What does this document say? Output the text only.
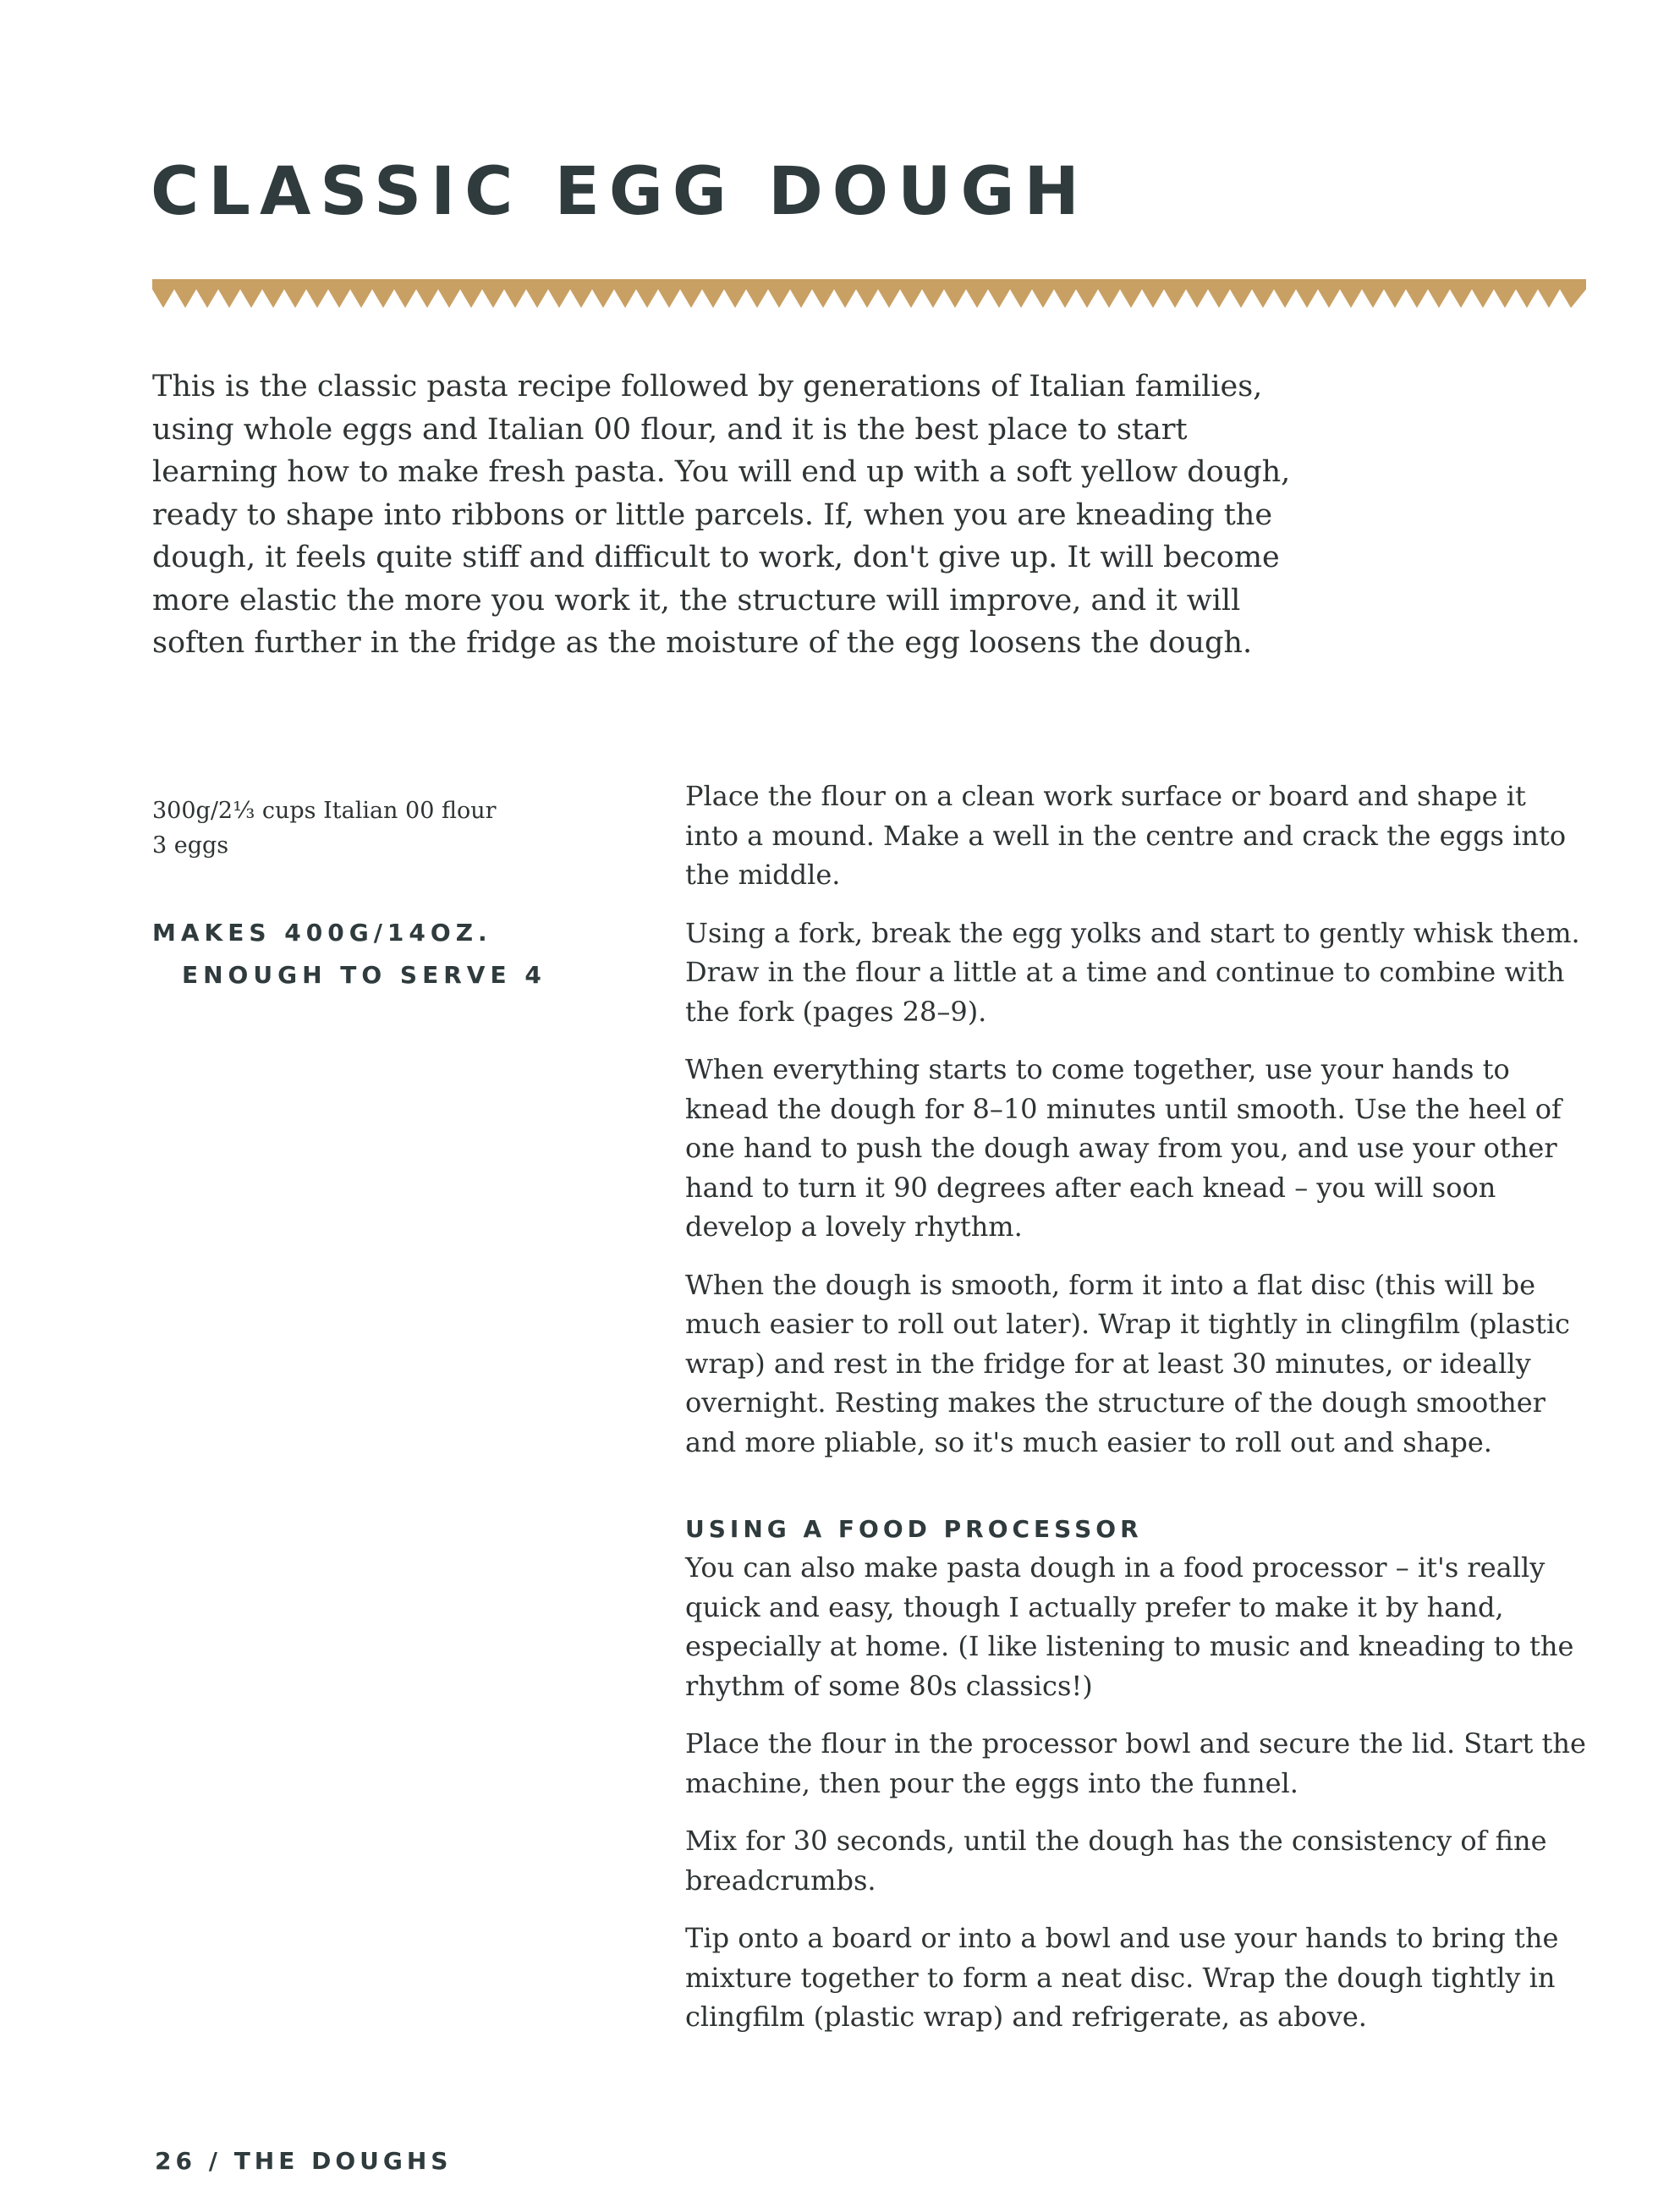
CLASSIC EGG DOUGH

This is the classic pasta recipe followed by generations of Italian families, using whole eggs and Italian 00 flour, and it is the best place to start learning how to make fresh pasta. You will end up with a soft yellow dough, ready to shape into ribbons or little parcels. If, when you are kneading the dough, it feels quite stiff and difficult to work, don't give up. It will become more elastic the more you work it, the structure will improve, and it will soften further in the fridge as the moisture of the egg loosens the dough.

300g/2⅓ cups Italian 00 flour
3 eggs
MAKES 400G/14OZ.
ENOUGH TO SERVE 4

Place the flour on a clean work surface or board and shape it into a mound. Make a well in the centre and crack the eggs into the middle.

Using a fork, break the egg yolks and start to gently whisk them. Draw in the flour a little at a time and continue to combine with the fork (pages 28–9).

When everything starts to come together, use your hands to knead the dough for 8–10 minutes until smooth. Use the heel of one hand to push the dough away from you, and use your other hand to turn it 90 degrees after each knead – you will soon develop a lovely rhythm.

When the dough is smooth, form it into a flat disc (this will be much easier to roll out later). Wrap it tightly in clingfilm (plastic wrap) and rest in the fridge for at least 30 minutes, or ideally overnight. Resting makes the structure of the dough smoother and more pliable, so it's much easier to roll out and shape.

USING A FOOD PROCESSOR

You can also make pasta dough in a food processor – it's really quick and easy, though I actually prefer to make it by hand, especially at home. (I like listening to music and kneading to the rhythm of some 80s classics!)

Place the flour in the processor bowl and secure the lid. Start the machine, then pour the eggs into the funnel.

Mix for 30 seconds, until the dough has the consistency of fine breadcrumbs.

Tip onto a board or into a bowl and use your hands to bring the mixture together to form a neat disc. Wrap the dough tightly in clingfilm (plastic wrap) and refrigerate, as above.

26 / THE DOUGHS
